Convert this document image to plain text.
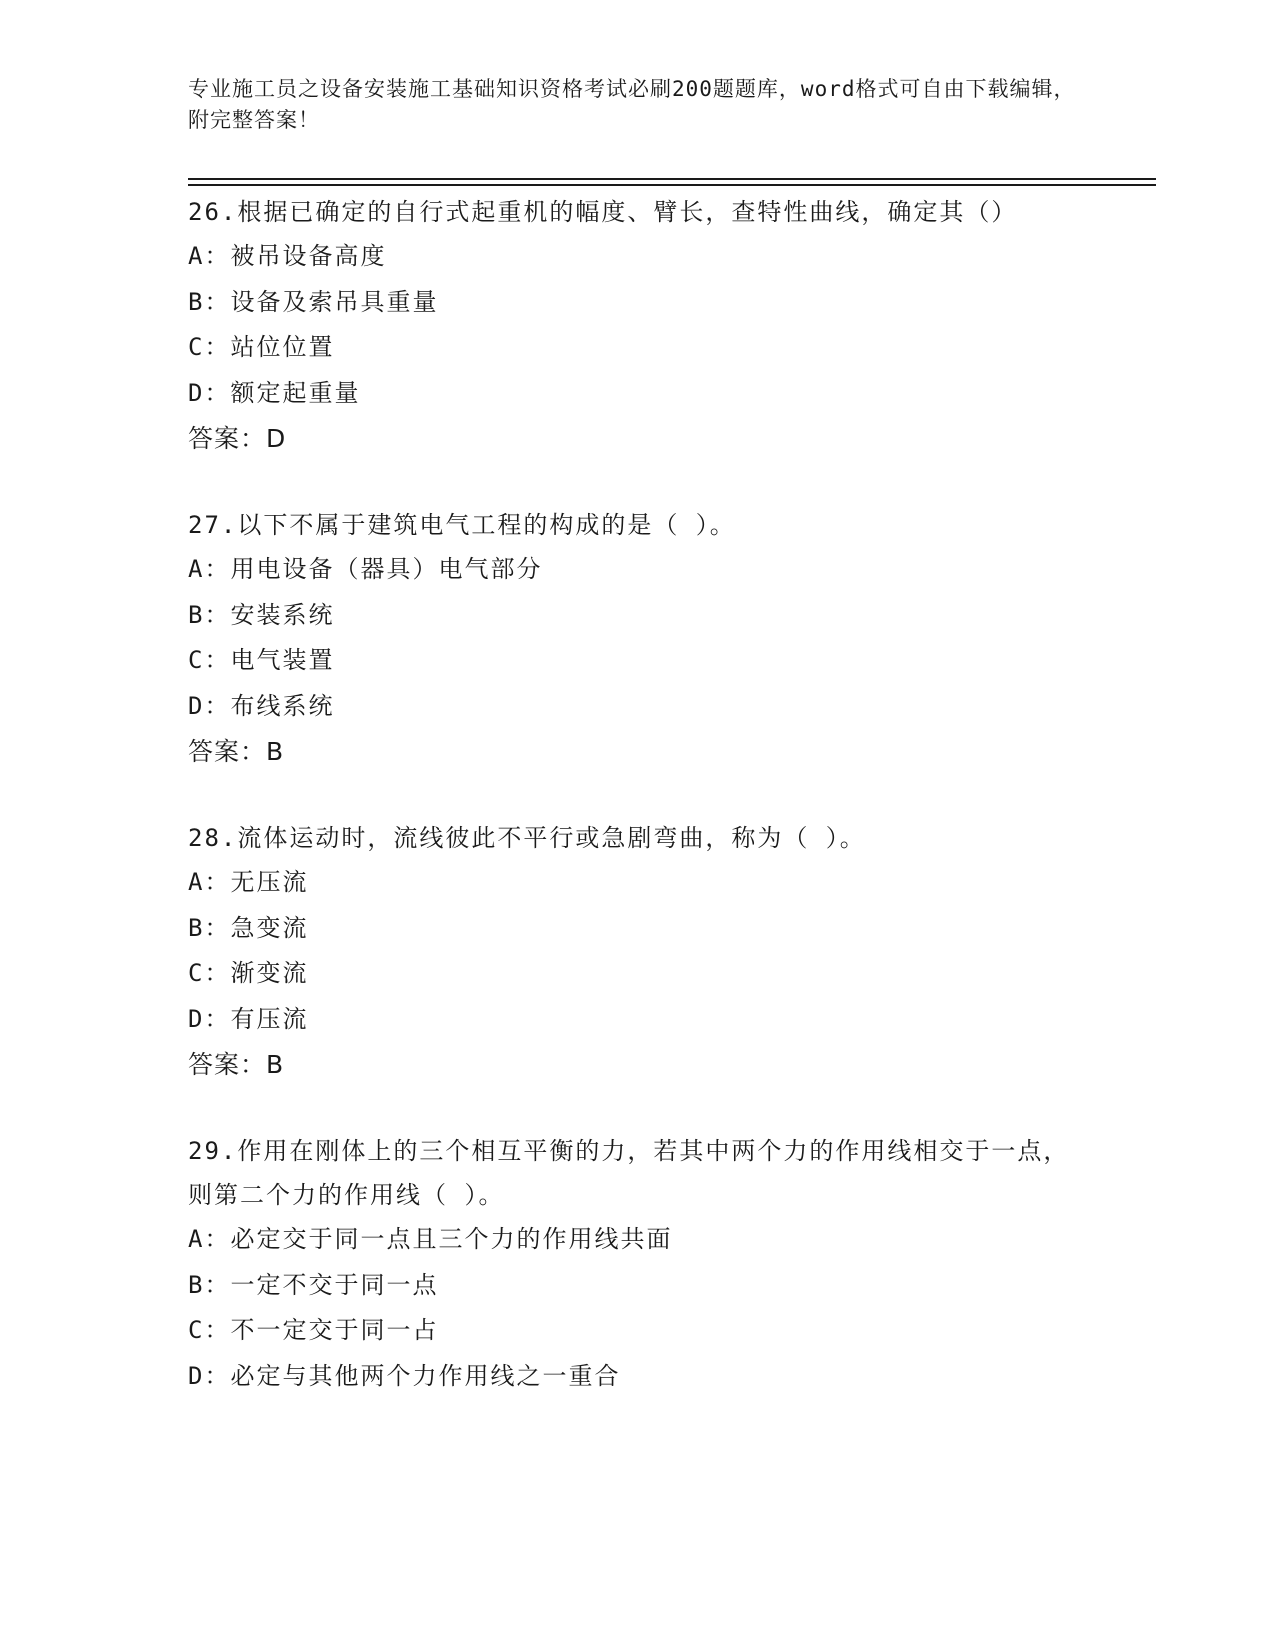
专业施工员之设备安装施工基础知识资格考试必刷200题题库，word格式可自由下载编辑，附完整答案！
26.根据已确定的自行式起重机的幅度、臂长，查特性曲线，确定其（）
A：被吊设备高度
B：设备及索吊具重量
C：站位位置
D：额定起重量
答案：D
27.以下不属于建筑电气工程的构成的是（ ）。
A：用电设备（器具）电气部分
B：安装系统
C：电气装置
D：布线系统
答案：B
28.流体运动时，流线彼此不平行或急剧弯曲，称为（ ）。
A：无压流
B：急变流
C：渐变流
D：有压流
答案：B
29.作用在刚体上的三个相互平衡的力，若其中两个力的作用线相交于一点，则第二个力的作用线（ ）。
A：必定交于同一点且三个力的作用线共面
B：一定不交于同一点
C：不一定交于同一占
D：必定与其他两个力作用线之一重合
